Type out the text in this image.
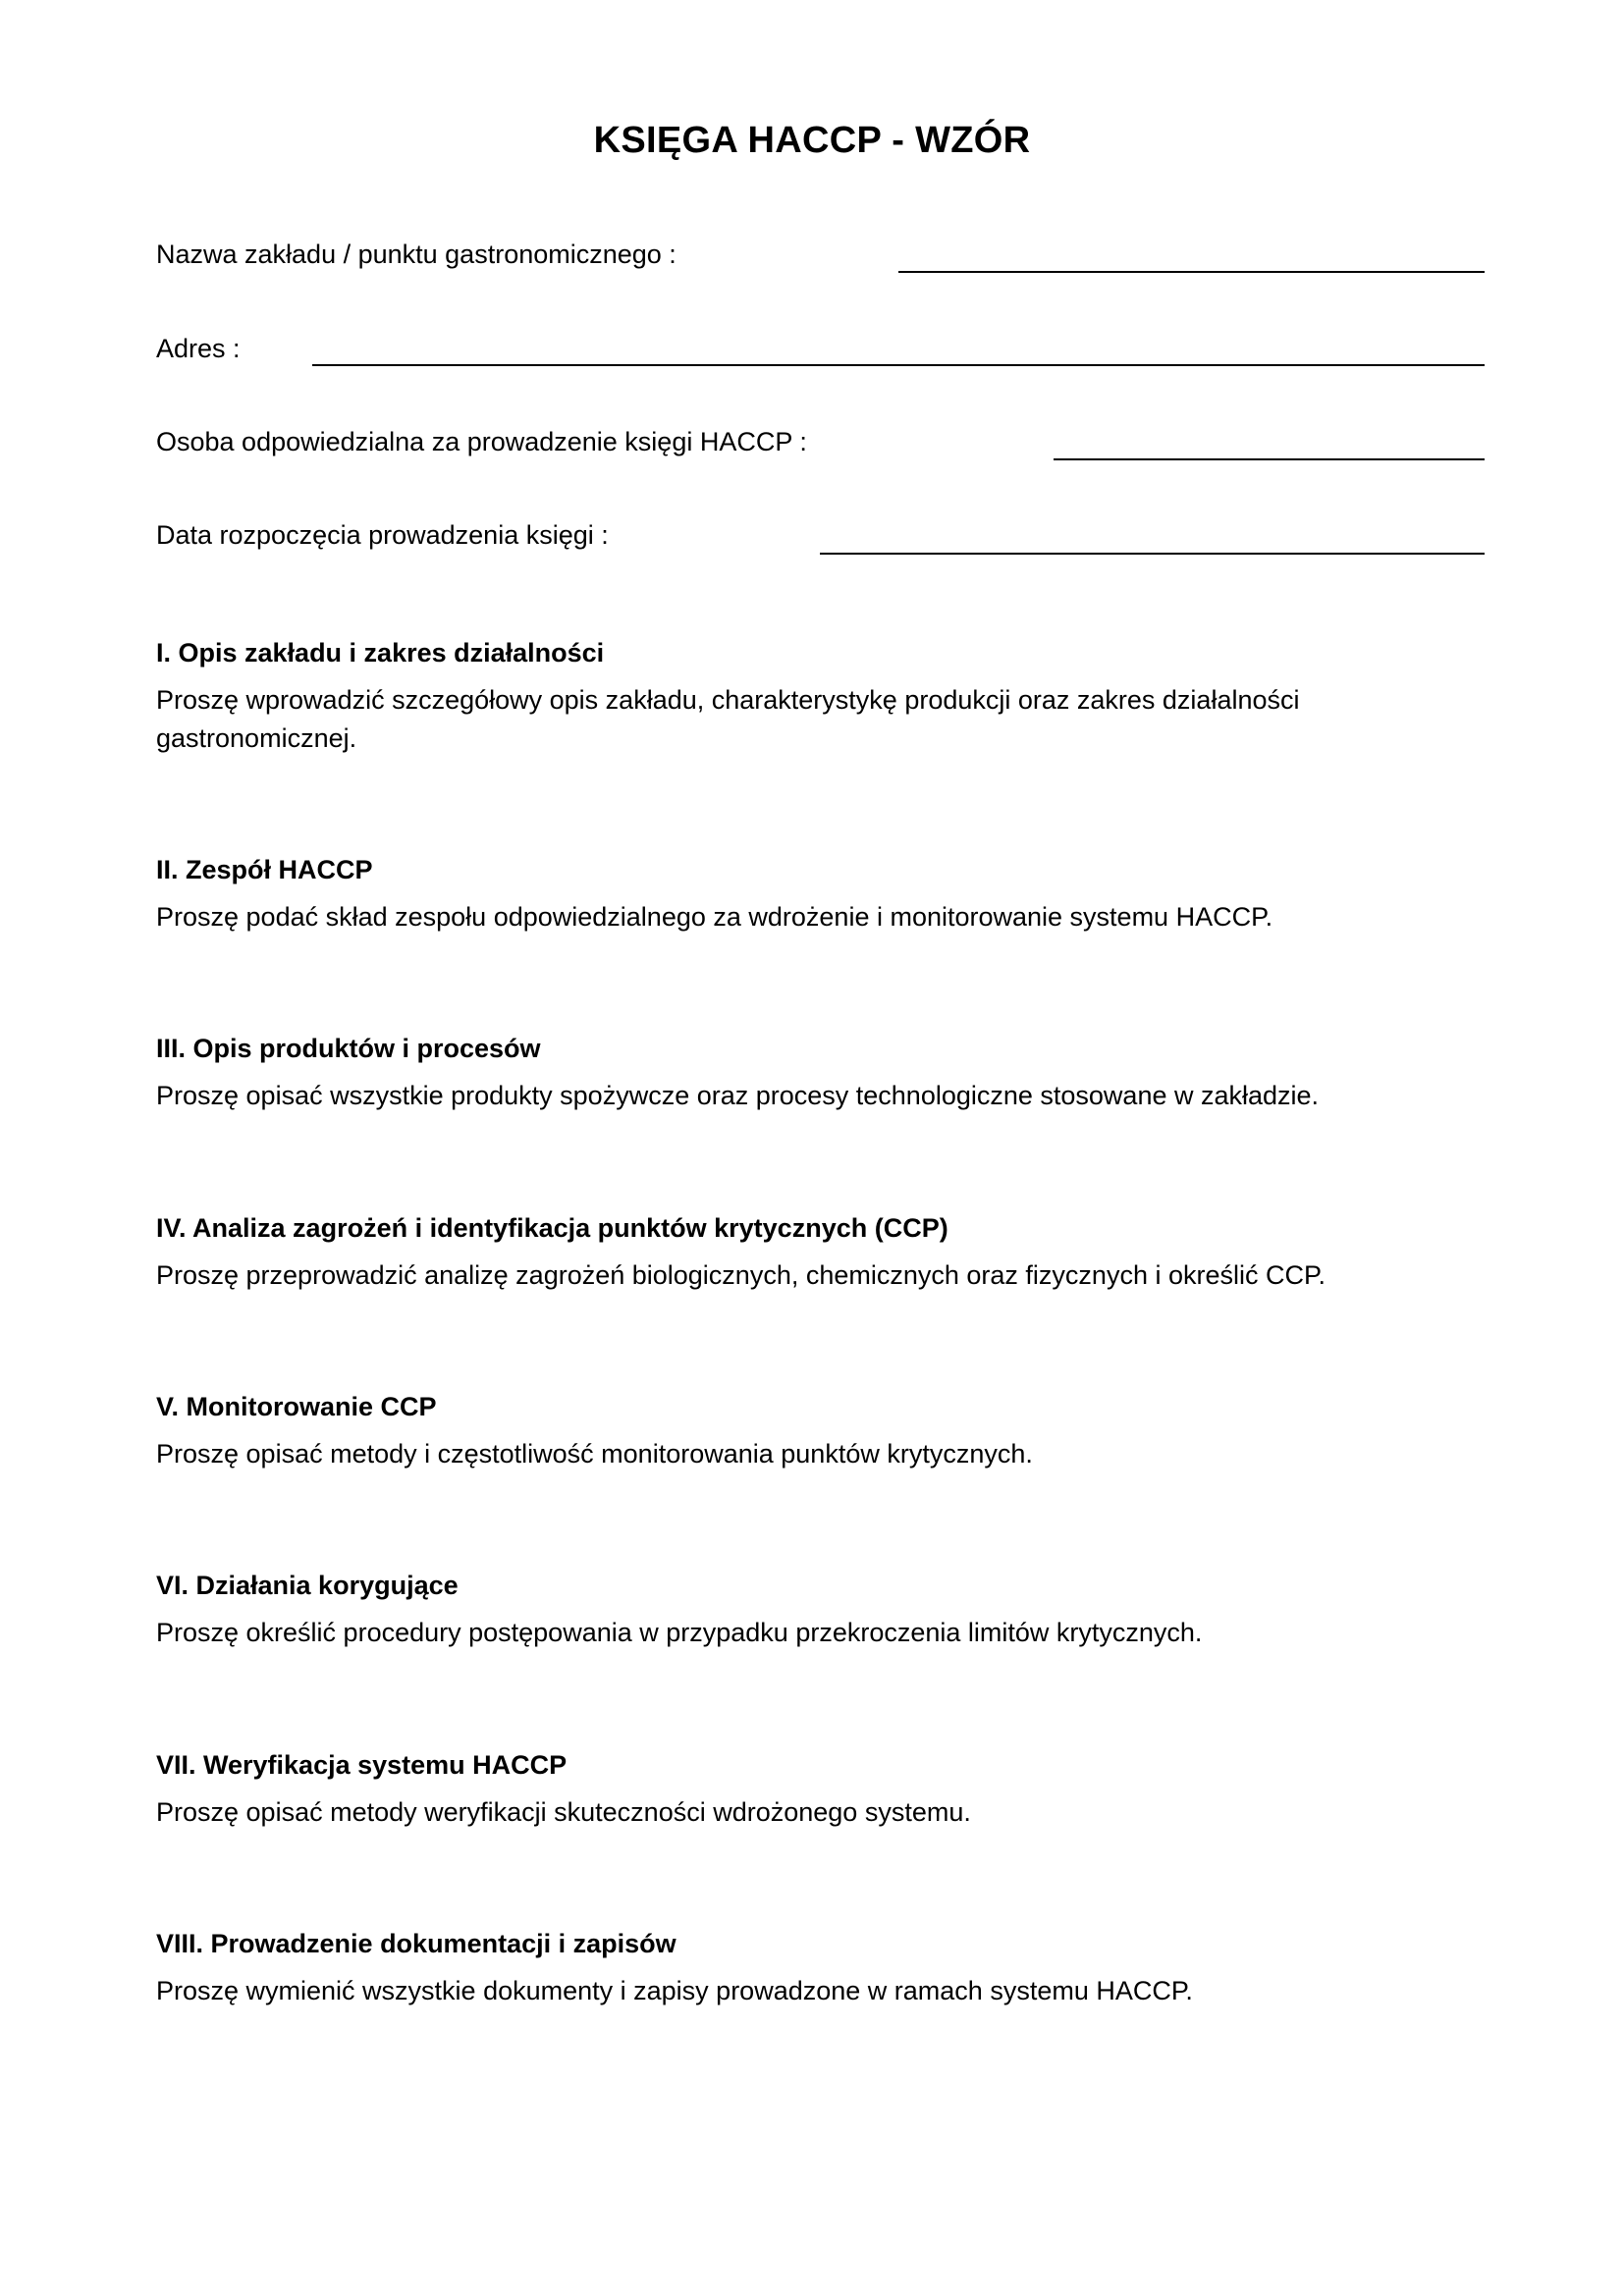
KSIĘGA HACCP - WZÓR
Nazwa zakładu / punktu gastronomicznego :
Adres :
Osoba odpowiedzialna za prowadzenie księgi HACCP :
Data rozpoczęcia prowadzenia księgi :

I. Opis zakładu i zakres działalności

Proszę wprowadzić szczegółowy opis zakładu, charakterystykę produkcji oraz zakres działalności gastronomicznej.

II. Zespół HACCP

Proszę podać skład zespołu odpowiedzialnego za wdrożenie i monitorowanie systemu HACCP.

III. Opis produktów i procesów

Proszę opisać wszystkie produkty spożywcze oraz procesy technologiczne stosowane w zakładzie.

IV. Analiza zagrożeń i identyfikacja punktów krytycznych (CCP)

Proszę przeprowadzić analizę zagrożeń biologicznych, chemicznych oraz fizycznych i określić CCP.

V. Monitorowanie CCP

Proszę opisać metody i częstotliwość monitorowania punktów krytycznych.

VI. Działania korygujące

Proszę określić procedury postępowania w przypadku przekroczenia limitów krytycznych.

VII. Weryfikacja systemu HACCP

Proszę opisać metody weryfikacji skuteczności wdrożonego systemu.

VIII. Prowadzenie dokumentacji i zapisów

Proszę wymienić wszystkie dokumenty i zapisy prowadzone w ramach systemu HACCP.
